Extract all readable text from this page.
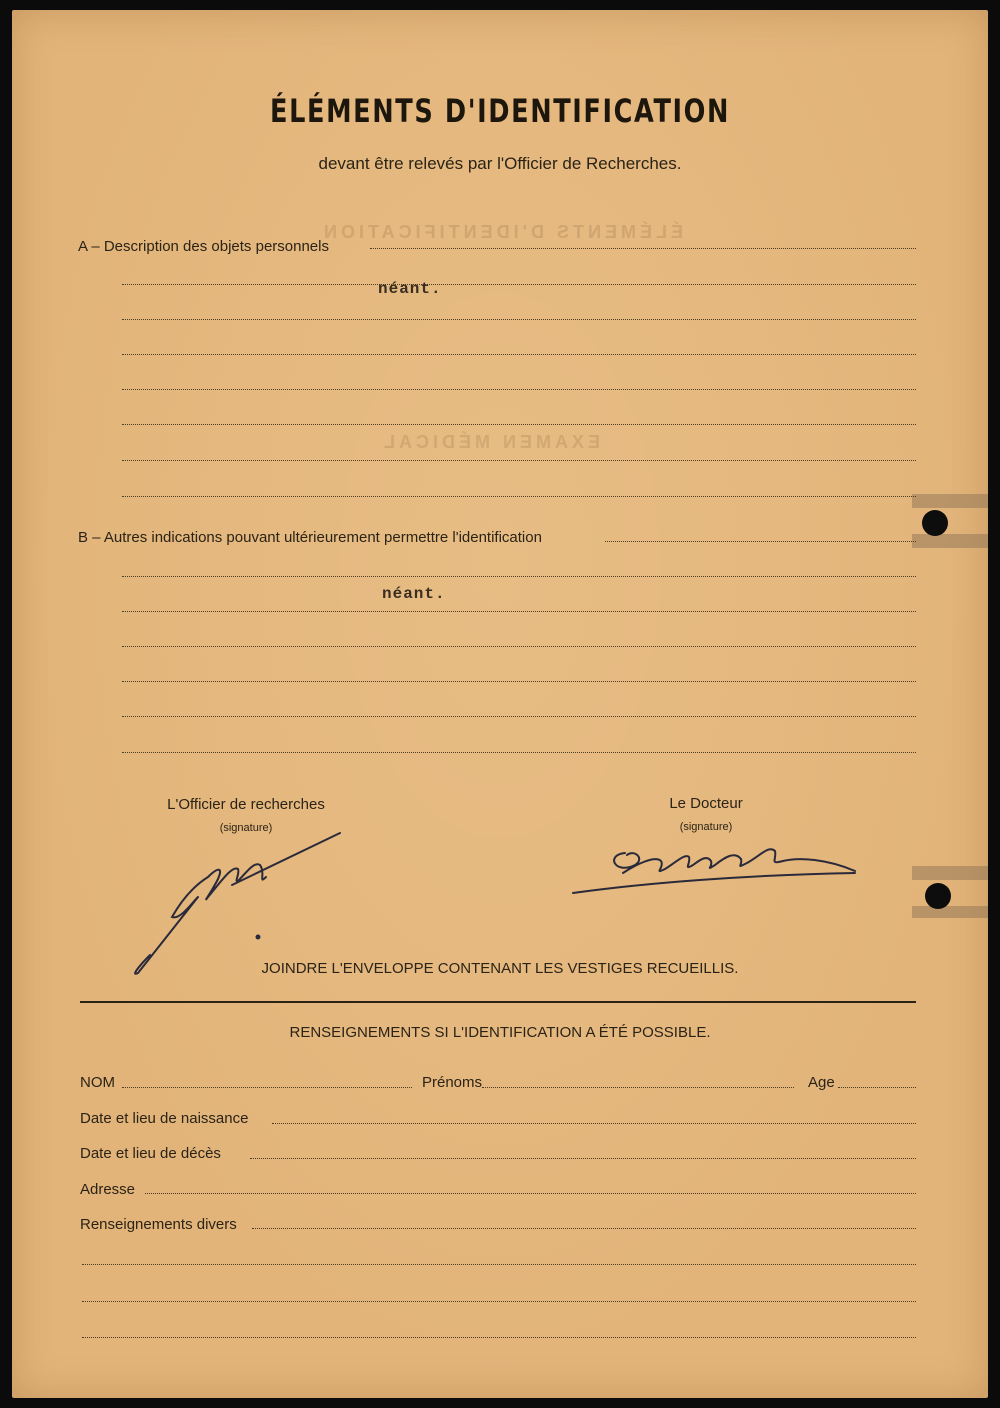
ÉLÉMENTS D'IDENTIFICATION
EXAMEN MÉDICAL
ÉLÉMENTS D'IDENTIFICATION
devant être relevés par l'Officier de Recherches.
A – Description des objets personnels
néant.
B – Autres indications pouvant ultérieurement permettre l'identification
néant.
L'Officier de recherches
(signature)
Le Docteur
(signature)
JOINDRE L'ENVELOPPE CONTENANT LES VESTIGES RECUEILLIS.
RENSEIGNEMENTS SI L'IDENTIFICATION A ÉTÉ POSSIBLE.
NOM	Prénoms	Age
Date et lieu de naissance
Date et lieu de décès
Adresse
Renseignements divers
